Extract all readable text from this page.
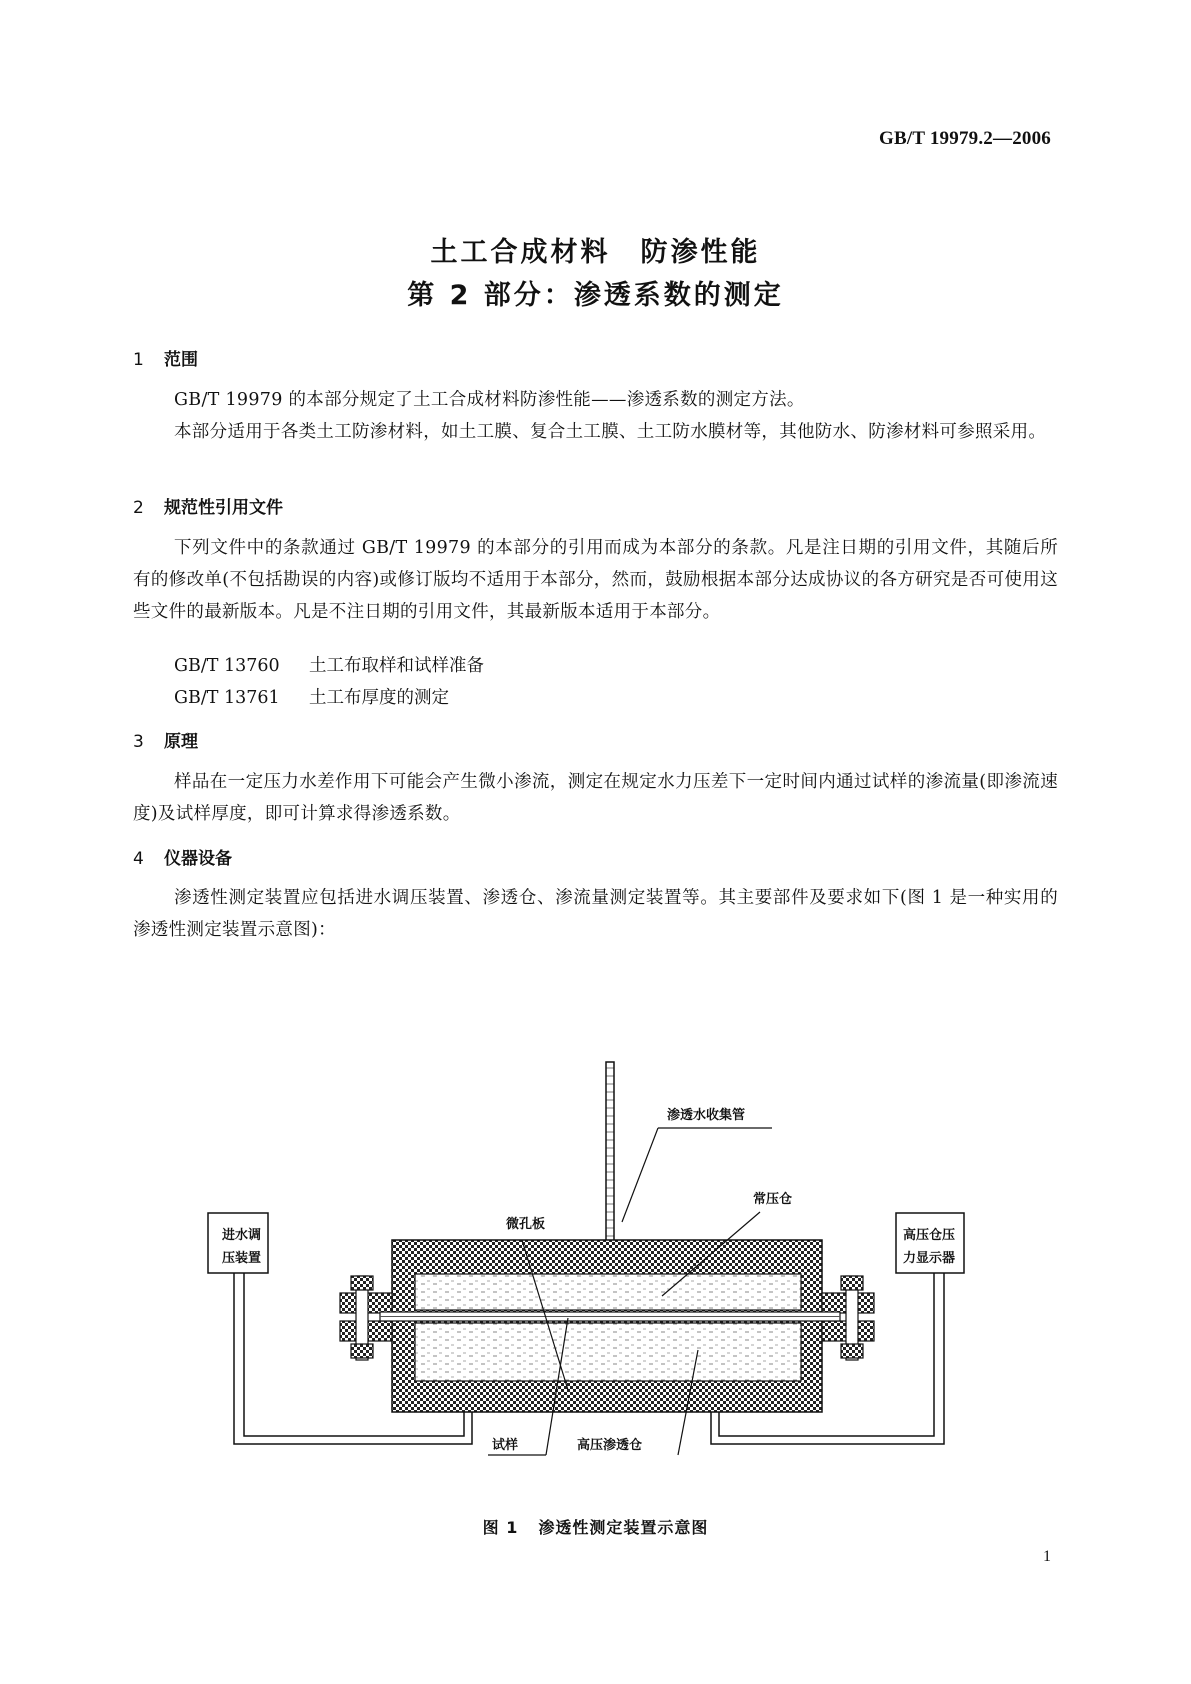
GB/T 19979.2—2006
土工合成材料　防渗性能
第 2 部分：渗透系数的测定
1 范围
GB/T 19979 的本部分规定了土工合成材料防渗性能——渗透系数的测定方法。
本部分适用于各类土工防渗材料，如土工膜、复合土工膜、土工防水膜材等，其他防水、防渗材料可参照采用。
2 规范性引用文件
下列文件中的条款通过 GB/T 19979 的本部分的引用而成为本部分的条款。凡是注日期的引用文件，其随后所有的修改单(不包括勘误的内容)或修订版均不适用于本部分，然而，鼓励根据本部分达成协议的各方研究是否可使用这些文件的最新版本。凡是不注日期的引用文件，其最新版本适用于本部分。
GB/T 13760 土工布取样和试样准备
GB/T 13761 土工布厚度的测定
3 原理
样品在一定压力水差作用下可能会产生微小渗流，测定在规定水力压差下一定时间内通过试样的渗流量(即渗流速度)及试样厚度，即可计算求得渗透系数。
4 仪器设备
渗透性测定装置应包括进水调压装置、渗透仓、渗流量测定装置等。其主要部件及要求如下(图 1 是一种实用的渗透性测定装置示意图)：
进水调
压装置
渗透水收集管
微孔板
常压仓
高压仓压
力显示器
试样	高压渗透仓
图 1 渗透性测定装置示意图
1
